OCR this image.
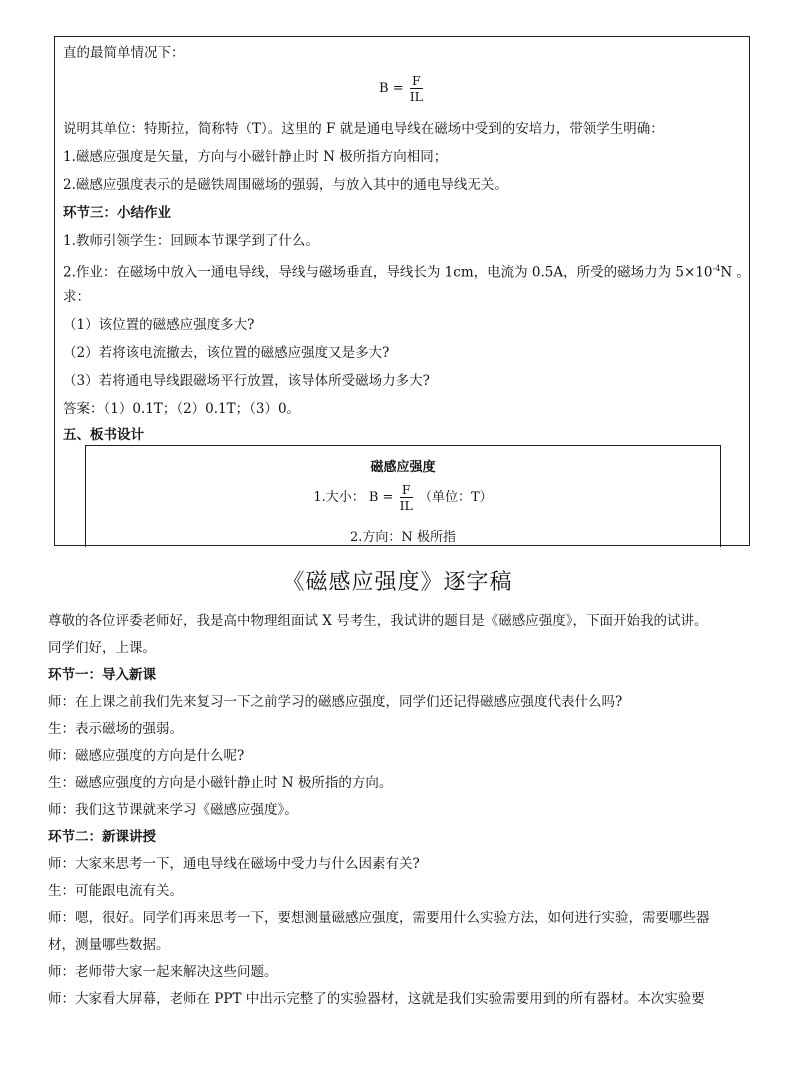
直的最简单情况下：
$B = \frac{F}{IL}$
说明其单位：特斯拉，简称特（T）。这里的 F 就是通电导线在磁场中受到的安培力，带领学生明确：
1.磁感应强度是矢量，方向与小磁针静止时 N 极所指方向相同；
2.磁感应强度表示的是磁铁周围磁场的强弱，与放入其中的通电导线无关。
环节三：小结作业
1.教师引领学生：回顾本节课学到了什么。
2.作业：在磁场中放入一通电导线，导线与磁场垂直，导线长为 1cm，电流为 0.5A，所受的磁场力为 $5\times 10^{-4}N$ 。
求：
（1）该位置的磁感应强度多大?
（2）若将该电流撤去，该位置的磁感应强度又是多大?
（3）若将通电导线跟磁场平行放置，该导体所受磁场力多大?
答案：（1）0.1T；（2）0.1T；（3）0。
五、板书设计
磁感应强度
1.大小： $B = \frac{F}{IL}$ （单位：T）
2.方向：N 极所指
《磁感应强度》逐字稿
尊敬的各位评委老师好，我是高中物理组面试 X 号考生，我试讲的题目是《磁感应强度》，下面开始我的试讲。
同学们好，上课。
环节一：导入新课
师：在上课之前我们先来复习一下之前学习的磁感应强度，同学们还记得磁感应强度代表什么吗?
生：表示磁场的强弱。
师：磁感应强度的方向是什么呢?
生：磁感应强度的方向是小磁针静止时 N 极所指的方向。
师：我们这节课就来学习《磁感应强度》。
环节二：新课讲授
师：大家来思考一下，通电导线在磁场中受力与什么因素有关?
生：可能跟电流有关。
师：嗯，很好。同学们再来思考一下，要想测量磁感应强度，需要用什么实验方法，如何进行实验，需要哪些器
材，测量哪些数据。
师：老师带大家一起来解决这些问题。
师：大家看大屏幕，老师在 PPT 中出示完整了的实验器材，这就是我们实验需要用到的所有器材。本次实验要
